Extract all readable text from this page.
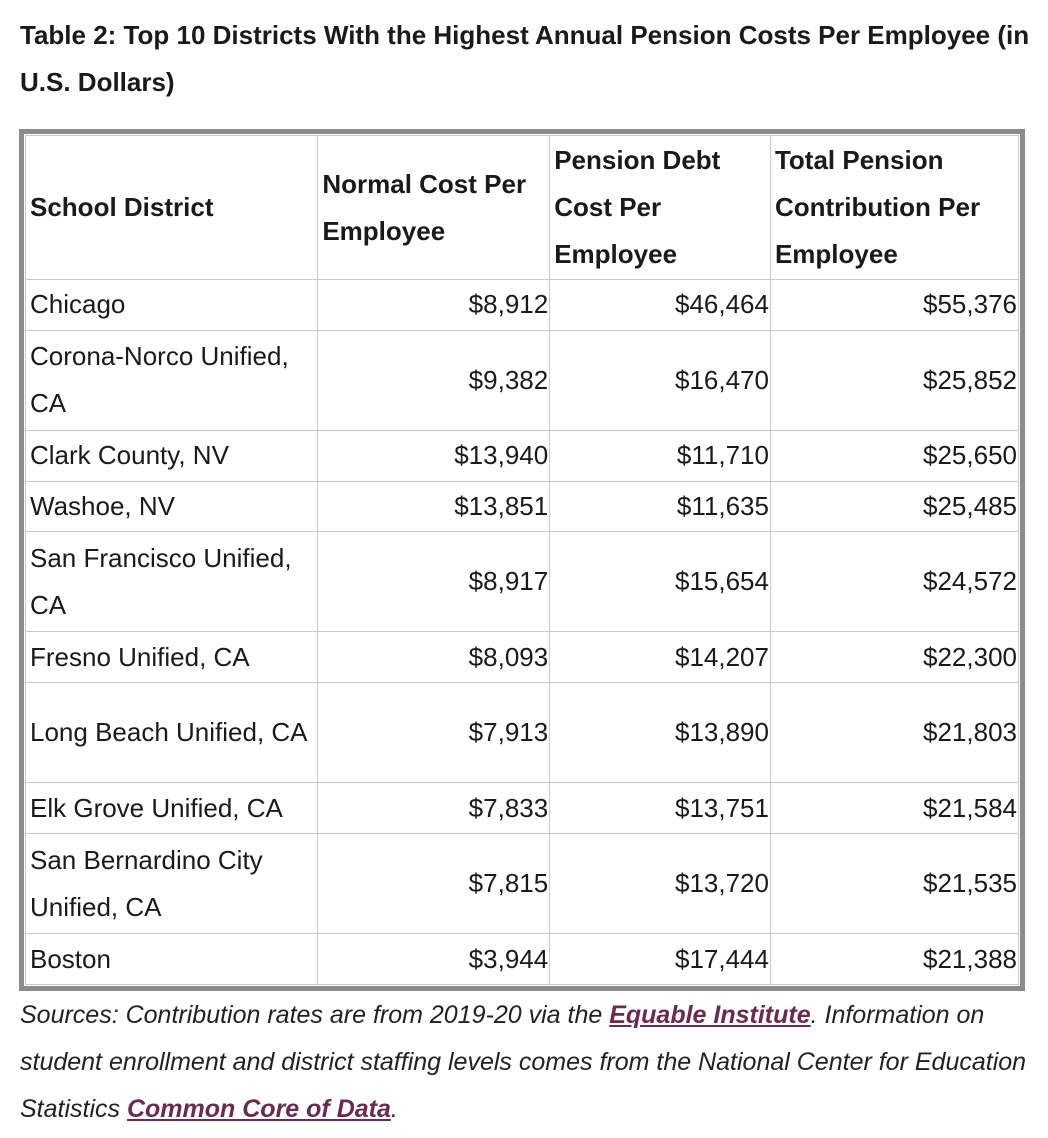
Table 2: Top 10 Districts With the Highest Annual Pension Costs Per Employee (in U.S. Dollars)
School District	Normal Cost Per Employee	Pension Debt Cost Per Employee	Total Pension Contribution Per Employee
Chicago	$8,912	$46,464	$55,376
Corona-Norco Unified, CA	$9,382	$16,470	$25,852
Clark County, NV	$13,940	$11,710	$25,650
Washoe, NV	$13,851	$11,635	$25,485
San Francisco Unified, CA	$8,917	$15,654	$24,572
Fresno Unified, CA	$8,093	$14,207	$22,300
Long Beach Unified, CA	$7,913	$13,890	$21,803
Elk Grove Unified, CA	$7,833	$13,751	$21,584
San Bernardino City Unified, CA	$7,815	$13,720	$21,535
Boston	$3,944	$17,444	$21,388

Sources: Contribution rates are from 2019-20 via the Equable Institute. Information on student enrollment and district staffing levels comes from the National Center for Education Statistics Common Core of Data.
